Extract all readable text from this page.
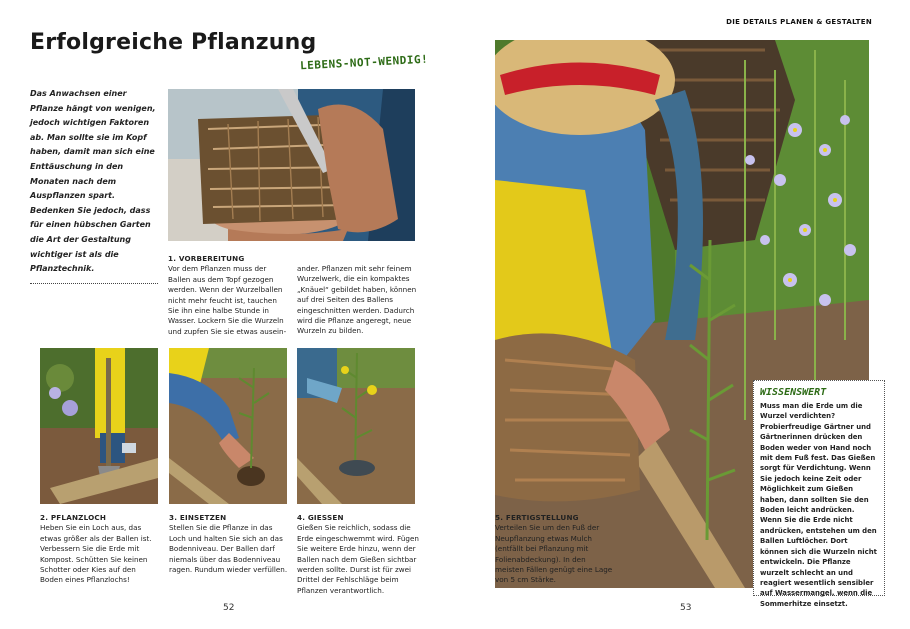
Erfolgreiche Pflanzung
LEBENS-NOT-WENDIG!
Das Anwachsen einer Pflanze hängt von wenigen, jedoch wichtigen Faktoren ab. Man sollte sie im Kopf haben, damit man sich eine Enttäuschung in den Monaten nach dem Auspflanzen spart. Bedenken Sie jedoch, dass für einen hübschen Garten die Art der Gestaltung wichtiger ist als die Pflanztechnik.
1. VORBEREITUNG
Vor dem Pflanzen muss der Ballen aus dem Topf gezogen werden. Wenn der Wurzelballen nicht mehr feucht ist, tauchen Sie ihn eine halbe Stunde in Wasser. Lockern Sie die Wurzeln und zupfen Sie sie etwas ausein-
ander. Pflanzen mit sehr feinem Wurzelwerk, die ein kompaktes „Knäuel“ gebildet haben, können auf drei Seiten des Ballens eingeschnitten werden. Dadurch wird die Pflanze angeregt, neue Wurzeln zu bilden.
2. PFLANZLOCH
Heben Sie ein Loch aus, das etwas größer als der Ballen ist. Verbessern Sie die Erde mit Kompost. Schütten Sie keinen Schotter oder Kies auf den Boden eines Pflanzlochs!
3. EINSETZEN
Stellen Sie die Pflanze in das Loch und halten Sie sich an das Bodenniveau. Der Ballen darf niemals über das Bodenniveau ragen. Rundum wieder verfüllen.
4. GIESSEN
Gießen Sie reichlich, sodass die Erde eingeschwemmt wird. Fügen Sie weitere Erde hinzu, wenn der Ballen nach dem Gießen sichtbar werden sollte. Durst ist für zwei Drittel der Fehlschläge beim Pflanzen verantwortlich.
52
DIE DETAILS PLANEN & GESTALTEN
5. FERTIGSTELLUNG
Verteilen Sie um den Fuß der Neupflanzung etwas Mulch (entfällt bei Pflanzung mit Folienabdeckung). In den meisten Fällen genügt eine Lage von 5 cm Stärke.
WISSENSWERT
Muss man die Erde um die Wurzel verdichten? Probierfreudige Gärtner und Gärtnerinnen drücken den Boden weder von Hand noch mit dem Fuß fest. Das Gießen sorgt für Verdichtung. Wenn Sie jedoch keine Zeit oder Möglichkeit zum Gießen haben, dann sollten Sie den Boden leicht andrücken. Wenn Sie die Erde nicht andrücken, entstehen um den Ballen Luftlöcher. Dort können sich die Wurzeln nicht entwickeln. Die Pflanze wurzelt schlecht an und reagiert wesentlich sensibler auf Wassermangel, wenn die Sommerhitze einsetzt.
53
